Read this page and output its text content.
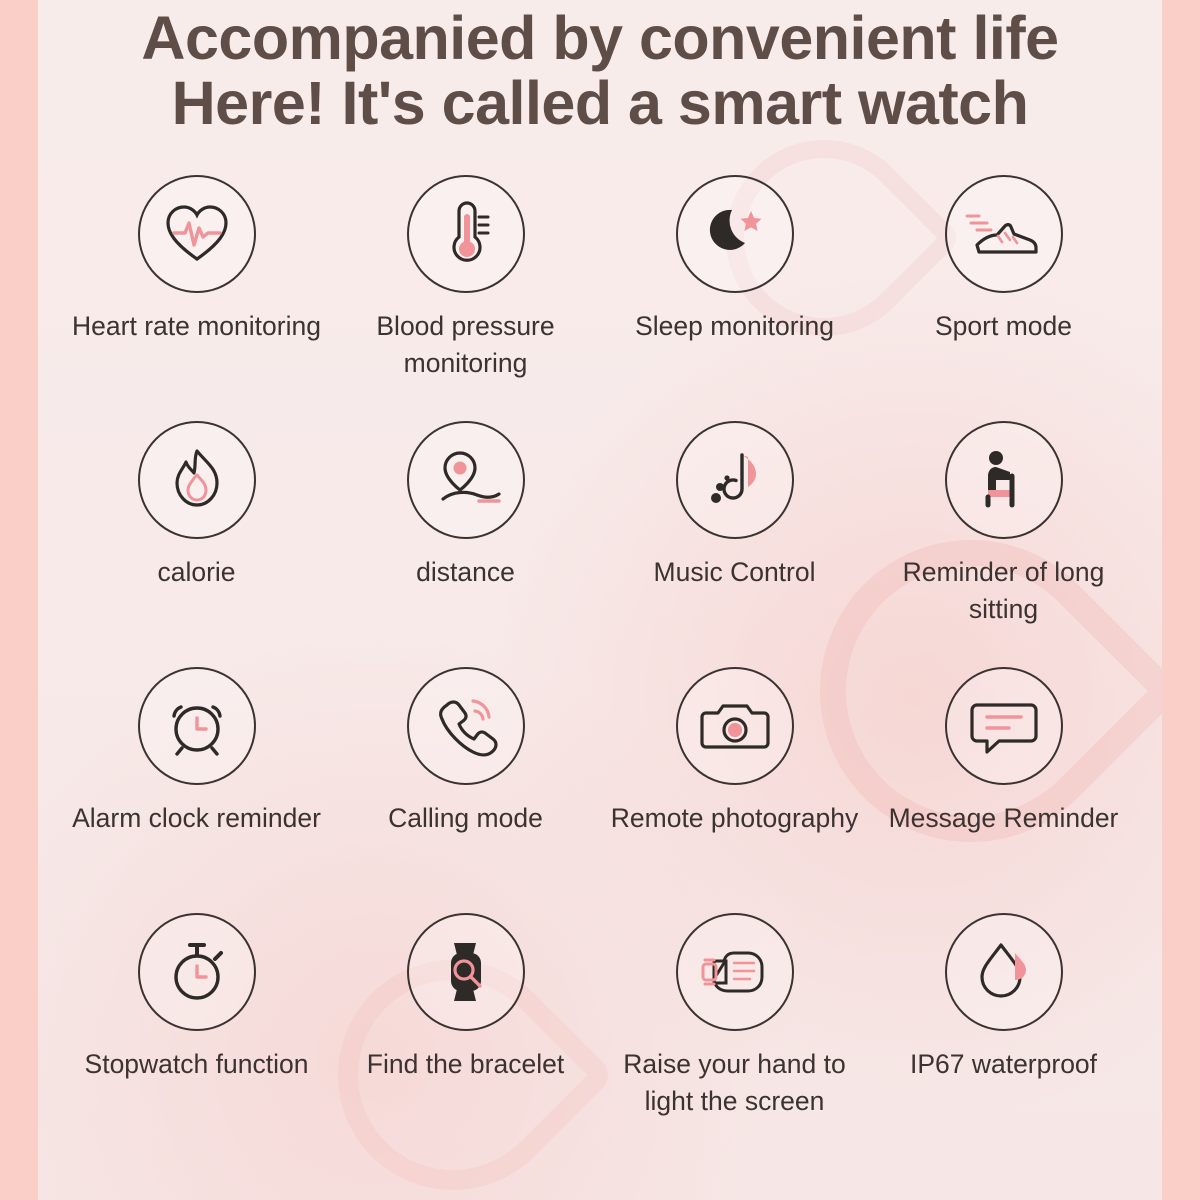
Accompanied by convenient life
Here! It's called a smart watch
Heart rate monitoring	Blood pressure monitoring
Sleep monitoring	Sport mode
calorie	distance	Music Control	Reminder of long sitting
Alarm clock reminder	Calling mode	Remote photography Message Reminder
Stopwatch function Find the bracelet	Raise your hand to light the screen
IP67 waterproof
